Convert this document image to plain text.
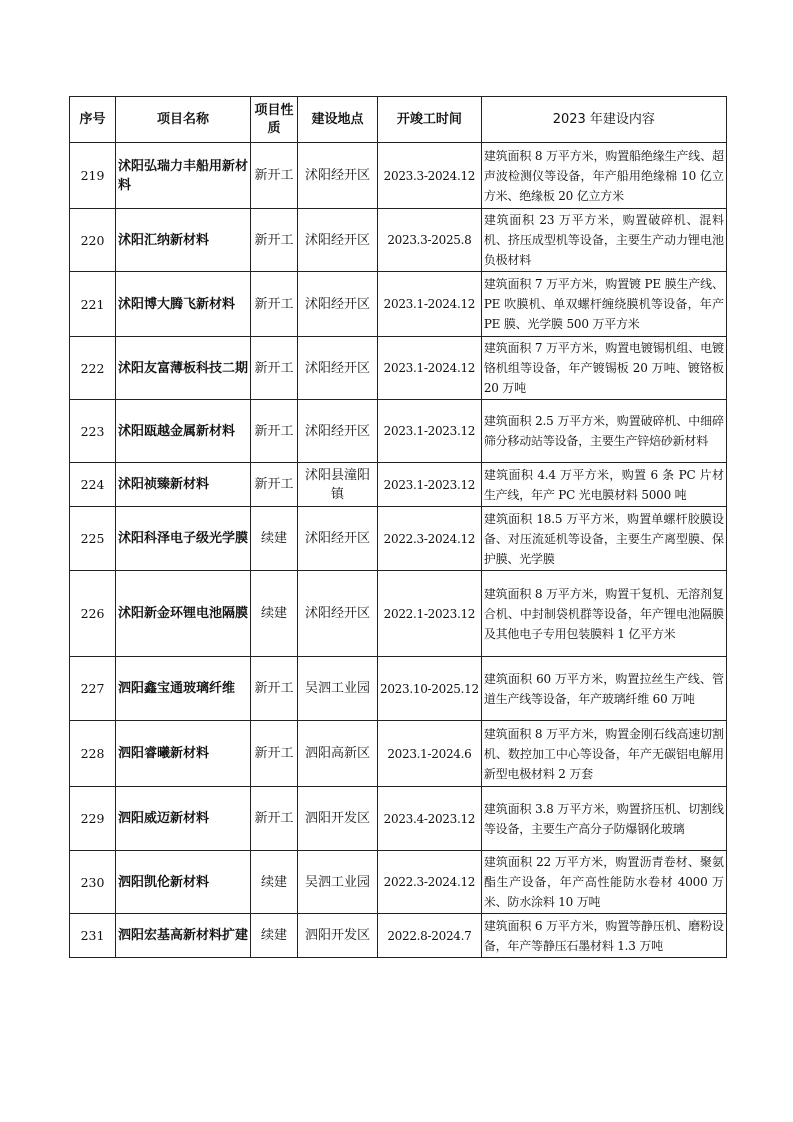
序号	项目名称	项目性质	建设地点	开竣工时间	2023 年建设内容
219	沭阳弘瑞力丰船用新材料	新开工	沭阳经开区	2023.3-2024.12	建筑面积 8 万平方米，购置船绝缘生产线、超声波检测仪等设备，年产船用绝缘棉 10 亿立方米、绝缘板 20 亿立方米
220	沭阳汇纳新材料	新开工	沭阳经开区	2023.3-2025.8	建筑面积 23 万平方米，购置破碎机、混料机、挤压成型机等设备，主要生产动力锂电池负极材料
221	沭阳博大腾飞新材料	新开工	沭阳经开区	2023.1-2024.12	建筑面积 7 万平方米，购置镀 PE 膜生产线、PE 吹膜机、单双螺杆缠绕膜机等设备，年产 PE 膜、光学膜 500 万平方米
222	沭阳友富薄板科技二期	新开工	沭阳经开区	2023.1-2024.12	建筑面积 7 万平方米，购置电镀锡机组、电镀铬机组等设备，年产镀锡板 20 万吨、镀铬板 20 万吨
223	沭阳瓯越金属新材料	新开工	沭阳经开区	2023.1-2023.12	建筑面积 2.5 万平方米，购置破碎机、中细碎筛分移动站等设备，主要生产锌焙砂新材料
224	沭阳祯臻新材料	新开工	沭阳县潼阳镇	2023.1-2023.12	建筑面积 4.4 万平方米，购置 6 条 PC 片材生产线，年产 PC 光电膜材料 5000 吨
225	沭阳科泽电子级光学膜	续建	沭阳经开区	2022.3-2024.12	建筑面积 18.5 万平方米，购置单螺杆胶膜设备、对压流延机等设备，主要生产离型膜、保护膜、光学膜
226	沭阳新金环锂电池隔膜	续建	沭阳经开区	2022.1-2023.12	建筑面积 8 万平方米，购置干复机、无溶剂复合机、中封制袋机群等设备，年产锂电池隔膜及其他电子专用包装膜料 1 亿平方米
227	泗阳鑫宝通玻璃纤维	新开工	吴泗工业园	2023.10-2025.12	建筑面积 60 万平方米，购置拉丝生产线、管道生产线等设备，年产玻璃纤维 60 万吨
228	泗阳睿曦新材料	新开工	泗阳高新区	2023.1-2024.6	建筑面积 8 万平方米，购置金刚石线高速切割机、数控加工中心等设备，年产无碳铝电解用新型电极材料 2 万套
229	泗阳威迈新材料	新开工	泗阳开发区	2023.4-2023.12	建筑面积 3.8 万平方米，购置挤压机、切割线等设备，主要生产高分子防爆钢化玻璃
230	泗阳凯伦新材料	续建	吴泗工业园	2022.3-2024.12	建筑面积 22 万平方米，购置沥青卷材、聚氨酯生产设备，年产高性能防水卷材 4000 万米、防水涂料 10 万吨
231	泗阳宏基高新材料扩建	续建	泗阳开发区	2022.8-2024.7	建筑面积 6 万平方米，购置等静压机、磨粉设备，年产等静压石墨材料 1.3 万吨
